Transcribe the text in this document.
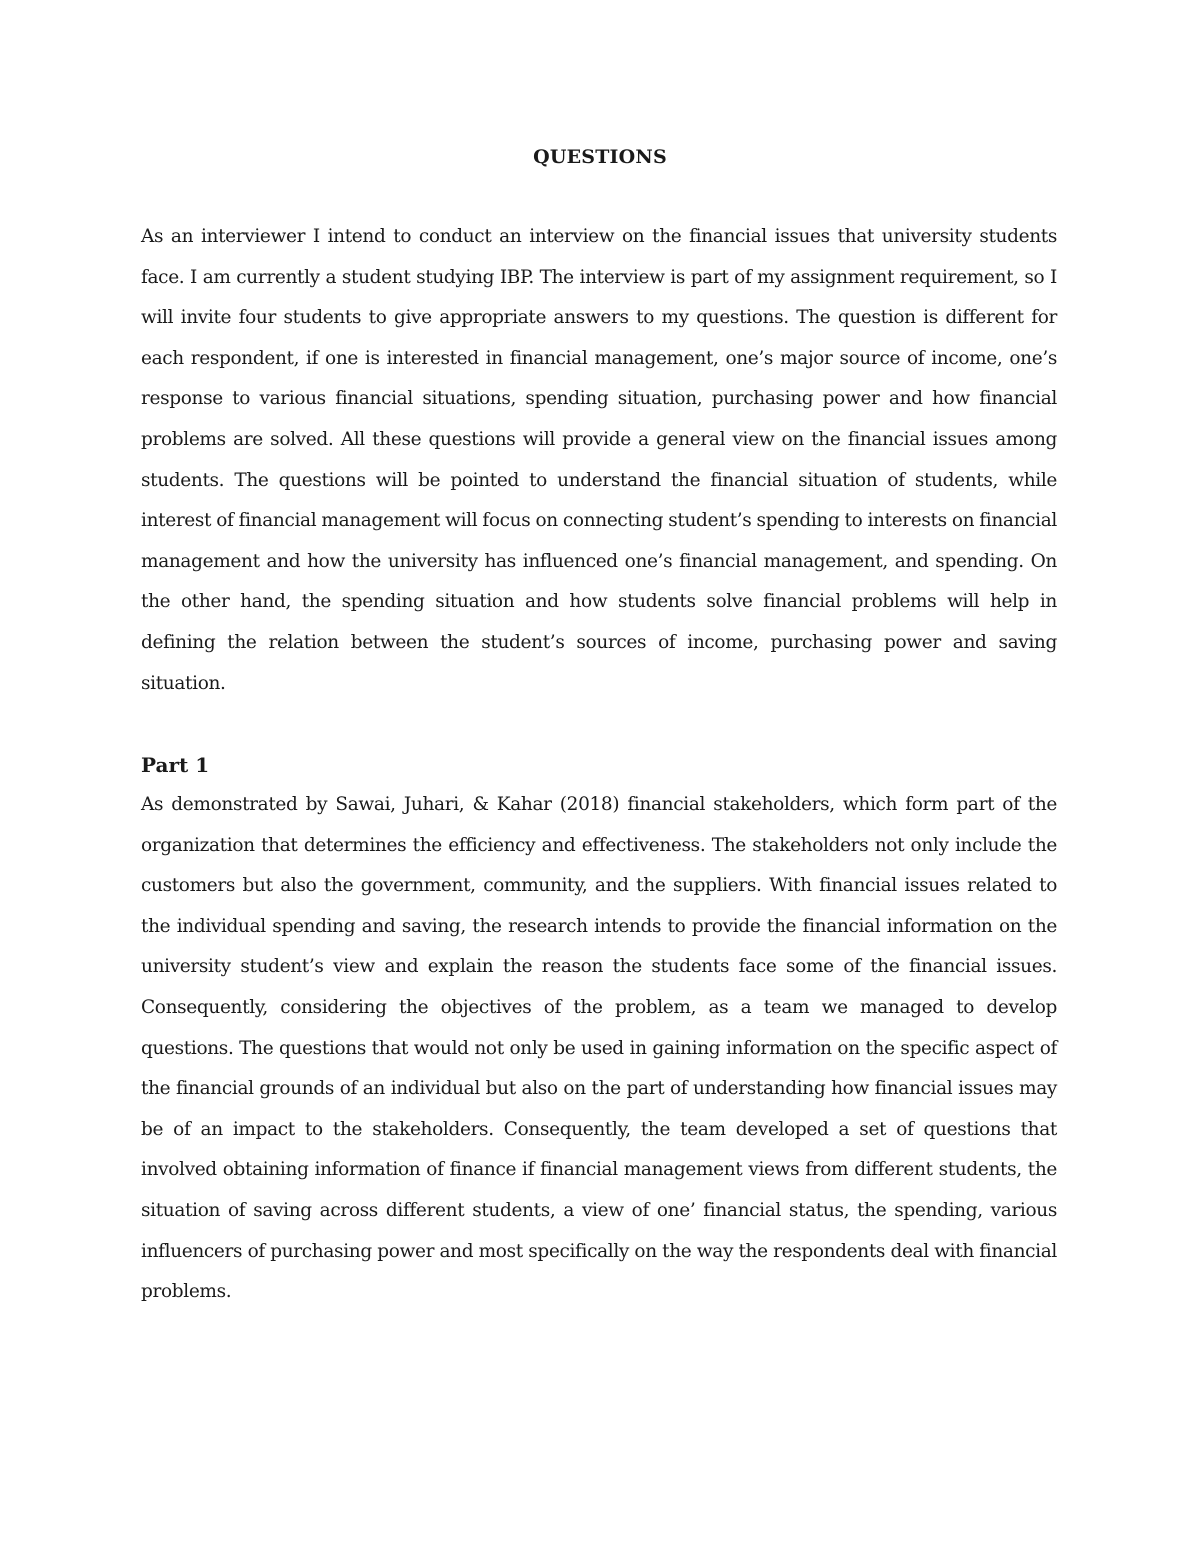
QUESTIONS

As an interviewer I intend to conduct an interview on the financial issues that university students face. I am currently a student studying IBP. The interview is part of my assignment requirement, so I will invite four students to give appropriate answers to my questions. The question is different for each respondent, if one is interested in financial management, one’s major source of income, one’s response to various financial situations, spending situation, purchasing power and how financial problems are solved. All these questions will provide a general view on the financial issues among students. The questions will be pointed to understand the financial situation of students, while interest of financial management will focus on connecting student’s spending to interests on financial management and how the university has influenced one’s financial management, and spending. On the other hand, the spending situation and how students solve financial problems will help in defining the relation between the student’s sources of income, purchasing power and saving situation.

Part 1

As demonstrated by Sawai, Juhari, & Kahar (2018) financial stakeholders, which form part of the organization that determines the efficiency and effectiveness. The stakeholders not only include the customers but also the government, community, and the suppliers. With financial issues related to the individual spending and saving, the research intends to provide the financial information on the university student’s view and explain the reason the students face some of the financial issues. Consequently, considering the objectives of the problem, as a team we managed to develop questions. The questions that would not only be used in gaining information on the specific aspect of the financial grounds of an individual but also on the part of understanding how financial issues may be of an impact to the stakeholders. Consequently, the team developed a set of questions that involved obtaining information of finance if financial management views from different students, the situation of saving across different students, a view of one’ financial status, the spending, various influencers of purchasing power and most specifically on the way the respondents deal with financial problems.
